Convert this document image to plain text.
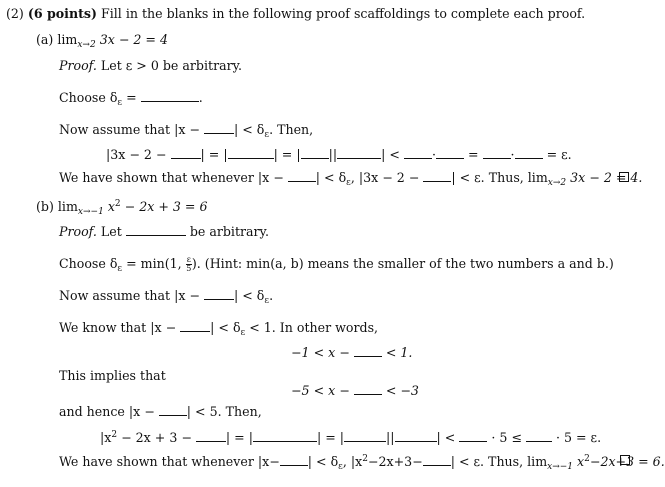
(2) (6 points) Fill in the blanks in the following proof scaffoldings to complete each proof.
(a) $\lim_{x\to 2} 3x - 2 = 4$
Proof. Let ε > 0 be arbitrary.
Choose $\delta_\varepsilon$ =	.
Now assume that |x −	| < $\delta_\varepsilon$. Then,
|3x − 2 −	| = |	| = | ||	| <	·	=	·	= ε.
We have shown that whenever |x −	| < $\delta_\varepsilon$, |3x − 2 −	| < ε. Thus, $\lim_{x\to 2} 3x - 2 = 4$.
(b) $\lim_{x\to-1} x^2 - 2x + 3 = 6$
Proof. Let	be arbitrary.
Choose $\delta_\varepsilon = \min(1$, $\frac{\varepsilon}{5}$ ). (Hint: min(a, b) means the smaller of the two numbers a and b.)
Now assume that |x −	| < $\delta_\varepsilon$.
We know that |x −	| < $\delta_\varepsilon < 1$. In other words,
−1 < x −	< 1.
This implies that
−5 < x −	< −3
and hence |x −	| < 5. Then,
$|x^2 - 2x + 3$ −	| = |	| = |	||	| <	· 5 ≤	· 5 = ε.
We have shown that whenever |x− | < $\delta_\varepsilon$, $|x^2-2x+3-$ | < ε. Thus, $\lim_{x\to-1} x^2-2x+3 = 6$.
